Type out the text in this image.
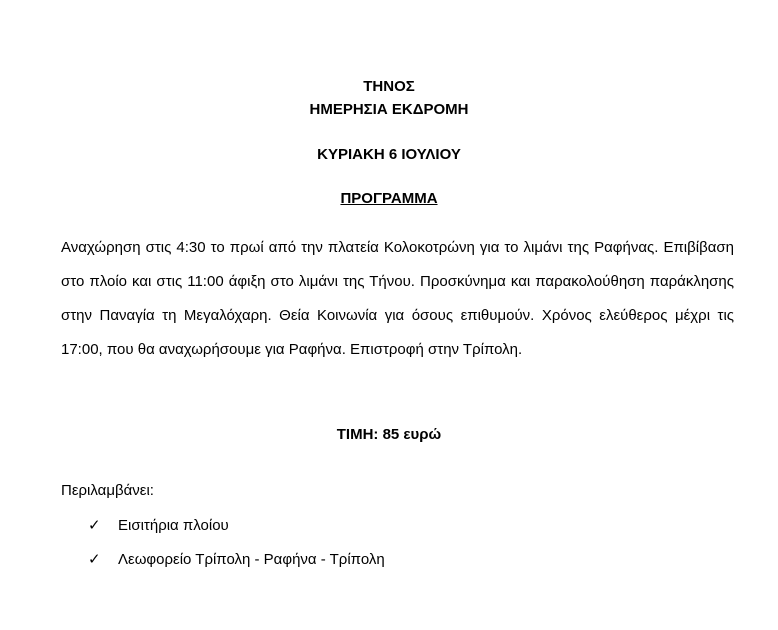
ΤΗΝΟΣ
ΗΜΕΡΗΣΙΑ ΕΚΔΡΟΜΗ
ΚΥΡΙΑΚΗ 6 ΙΟΥΛΙΟΥ
ΠΡΟΓΡΑΜΜΑ
Αναχώρηση στις 4:30 το πρωί από την πλατεία Κολοκοτρώνη για το λιμάνι της Ραφήνας. Επιβίβαση στο πλοίο και στις 11:00 άφιξη στο λιμάνι της Τήνου. Προσκύνημα και παρακολούθηση παράκλησης στην Παναγία τη Μεγαλόχαρη. Θεία Κοινωνία για όσους επιθυμούν. Χρόνος ελεύθερος μέχρι τις 17:00, που θα αναχωρήσουμε για Ραφήνα. Επιστροφή στην Τρίπολη.
ΤΙΜΗ: 85 ευρώ
Περιλαμβάνει:
✓	Εισιτήρια πλοίου
✓	Λεωφορείο Τρίπολη - Ραφήνα - Τρίπολη
